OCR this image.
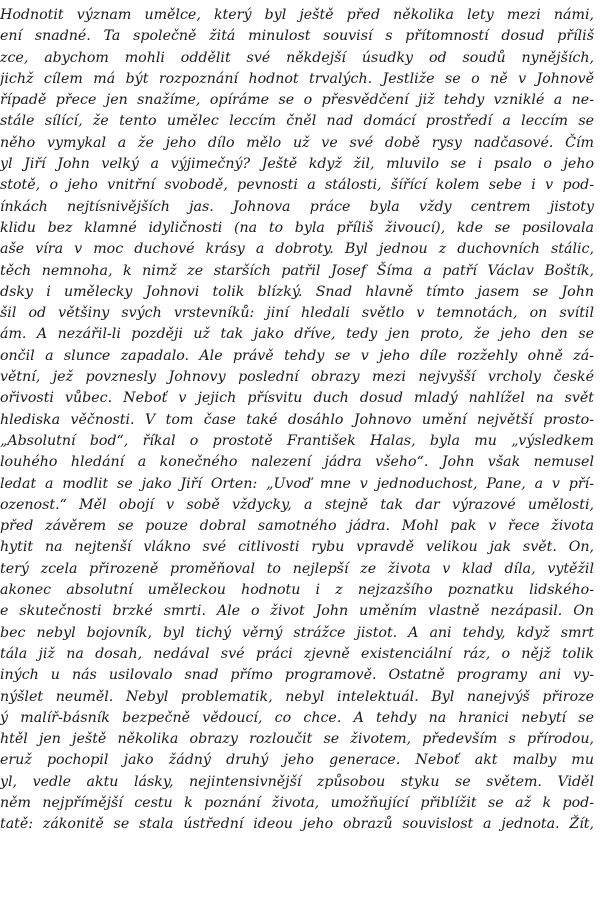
Hodnotit význam umělce, který byl ještě před několika lety mezi námi,
ení snadné. Ta společně žitá minulost souvisí s přítomností dosud příliš
zce, abychom mohli oddělit své někdejší úsudky od soudů nynějších,
jichž cílem má být rozpoznání hodnot trvalých. Jestliže se o ně v Johnově
řípadě přece jen snažíme, opíráme se o přesvědčení již tehdy vzniklé a ne-
stále sílící, že tento umělec leccím čněl nad domácí prostředí a leccím se
něho vymykal a že jeho dílo mělo už ve své době rysy nadčasové. Čím
yl Jiří John velký a výjimečný? Ještě když žil, mluvilo se i psalo o jeho
stotě, o jeho vnitřní svobodě, pevnosti a stálosti, šířící kolem sebe i v pod-
ínkách nejtísnivějších jas. Johnova práce byla vždy centrem jistoty
klidu bez klamné idyličnosti (na to byla příliš živoucí), kde se posilovala
aše víra v moc duchové krásy a dobroty. Byl jednou z duchovních stálic,
těch nemnoha, k nimž ze starších patřil Josef Šíma a patří Václav Boštík,
dsky i umělecky Johnovi tolik blízký. Snad hlavně tímto jasem se John
šil od většiny svých vrstevníků: jiní hledali světlo v temnotách, on svítil
ám. A nezářil-li později už tak jako dříve, tedy jen proto, že jeho den se
ončil a slunce zapadalo. Ale právě tehdy se v jeho díle rozžehly ohně zá-
větní, jež povznesly Johnovy poslední obrazy mezi nejvyšší vrcholy české
ořivosti vůbec. Neboť v jejich přísvitu duch dosud mladý nahlížel na svět
hlediska věčnosti. V tom čase také dosáhlo Johnovo umění největší prosto-
„Absolutní bod“, říkal o prostotě František Halas, byla mu „výsledkem
louhého hledání a konečného nalezení jádra všeho“. John však nemusel
ledat a modlit se jako Jiří Orten: „Uvoď mne v jednoduchost, Pane, a v pří-
ozenost.“ Měl obojí v sobě vždycky, a stejně tak dar výrazové umělosti,
před závěrem se pouze dobral samotného jádra. Mohl pak v řece života
hytit na nejtenší vlákno své citlivosti rybu vpravdě velikou jak svět. On,
terý zcela přirozeně proměňoval to nejlepší ze života v klad díla, vytěžil
akonec absolutní uměleckou hodnotu i z nejzazšího poznatku lidského-
e skutečnosti brzké smrti. Ale o život John uměním vlastně nezápasil. On
bec nebyl bojovník, byl tichý věrný strážce jistot. A ani tehdy, když smrt
tála již na dosah, nedával své práci zjevně existenciální ráz, o nějž tolik
iných u nás usilovalo snad přímo programově. Ostatně programy ani vy-
nýšlet neuměl. Nebyl problematik, nebyl intelektuál. Byl nanejvýš přiroze
ý malíř-básník bezpečně vědoucí, co chce. A tehdy na hranici nebytí se
htěl jen ještě několika obrazy rozloučit se životem, především s přírodou,
eruž pochopil jako žádný druhý jeho generace. Neboť akt malby mu
yl, vedle aktu lásky, nejintensivnější způsobou styku se světem. Viděl
něm nejpřímější cestu k poznání života, umožňující přiblížit se až k pod-
tatě: zákonitě se stala ústřední ideou jeho obrazů souvislost a jednota. Žít,
